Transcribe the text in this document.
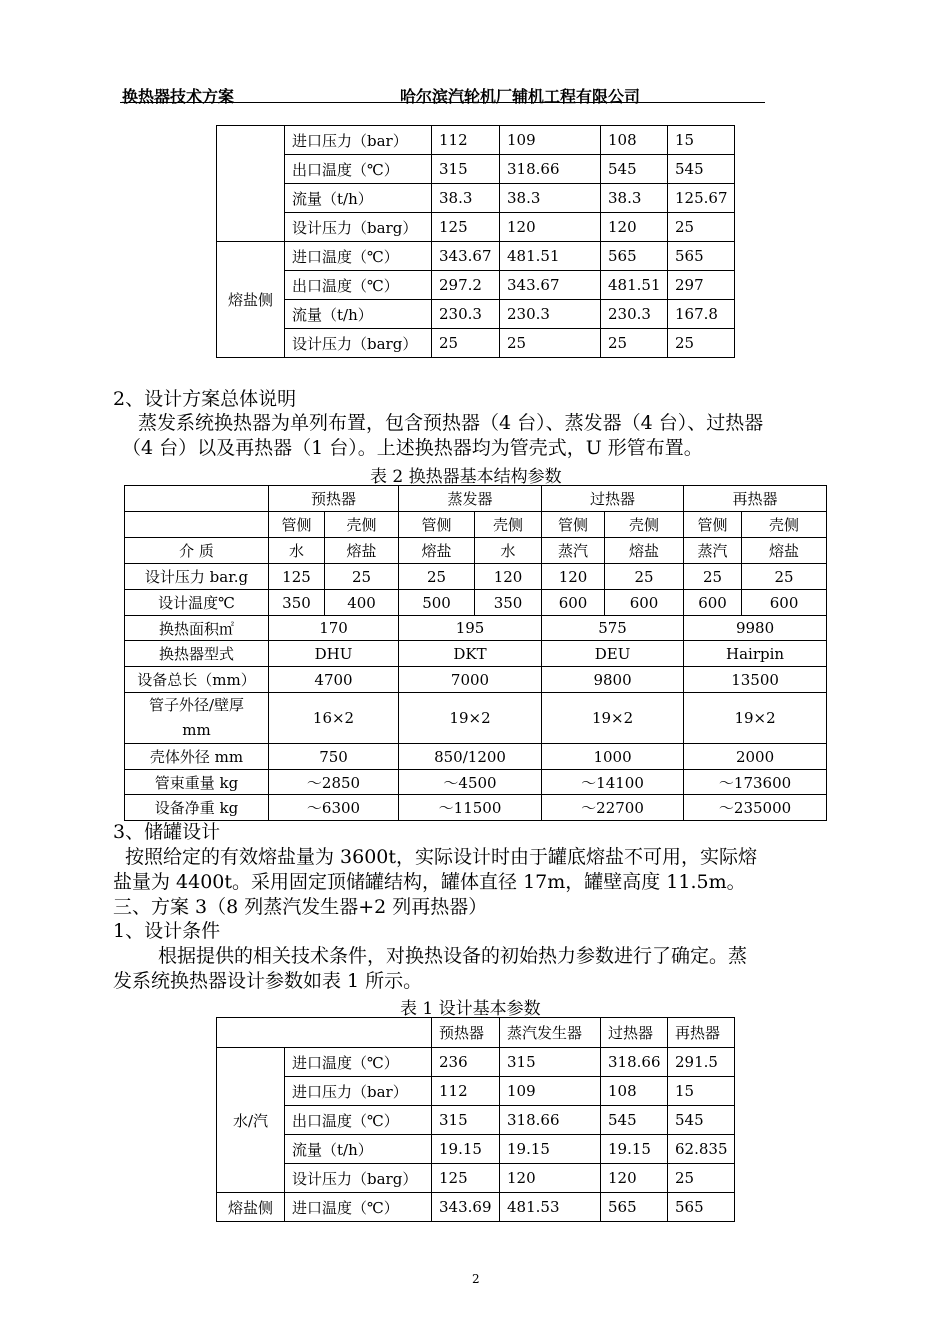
换热器技术方案	哈尔滨汽轮机厂辅机工程有限公司
	进口压力（bar）	112	109	108	15
	出口温度（℃）	315	318.66	545	545
	流量（t/h）	38.3	38.3	38.3	125.67
	设计压力（barg）	125	120	120	25
熔盐侧	进口温度（℃）	343.67	481.51	565	565
	出口温度（℃）	297.2	343.67	481.51	297
	流量（t/h）	230.3	230.3	230.3	167.8
	设计压力（barg）	25	25	25	25
2、设计方案总体说明
蒸发系统换热器为单列布置，包含预热器（4 台）、蒸发器（4 台）、过热器
（4 台）以及再热器（1 台）。上述换热器均为管壳式，U 形管布置。
表 2 换热器基本结构参数
	预热器		蒸发器		过热器		再热器	
	管侧	壳侧	管侧	壳侧	管侧	壳侧	管侧	壳侧
介 质	水	熔盐	熔盐	水	蒸汽	熔盐	蒸汽	熔盐
设计压力 bar.g	125	25	25	120	120	25	25	25
设计温度℃	350	400	500	350	600	600	600	600
换热面积㎡	170		195		575		9980	
换热器型式	DHU		DKT		DEU		Hairpin	
设备总长（mm）	4700		7000		9800		13500	

管子外径/壁厚
mm	16×2		19×2		19×2		19×2	
壳体外径 mm	750		850/1200		1000		2000	
管束重量 kg	～2850		～4500		～14100		～173600	
设备净重 kg	～6300		～11500		～22700		～235000	
3、储罐设计
按照给定的有效熔盐量为 3600t，实际设计时由于罐底熔盐不可用，实际熔
盐量为 4400t。采用固定顶储罐结构，罐体直径 17m，罐壁高度 11.5m。
三、方案 3（8 列蒸汽发生器+2 列再热器）
1、设计条件
根据提供的相关技术条件，对换热设备的初始热力参数进行了确定。蒸
发系统换热器设计参数如表 1 所示。
表 1 设计基本参数
		预热器	蒸汽发生器	过热器	再热器
水/汽	进口温度（℃）	236	315	318.66	291.5
	进口压力（bar）	112	109	108	15
	出口温度（℃）	315	318.66	545	545
	流量（t/h）	19.15	19.15	19.15	62.835
	设计压力（barg）	125	120	120	25
熔盐侧	进口温度（℃）	343.69	481.53	565	565
2
